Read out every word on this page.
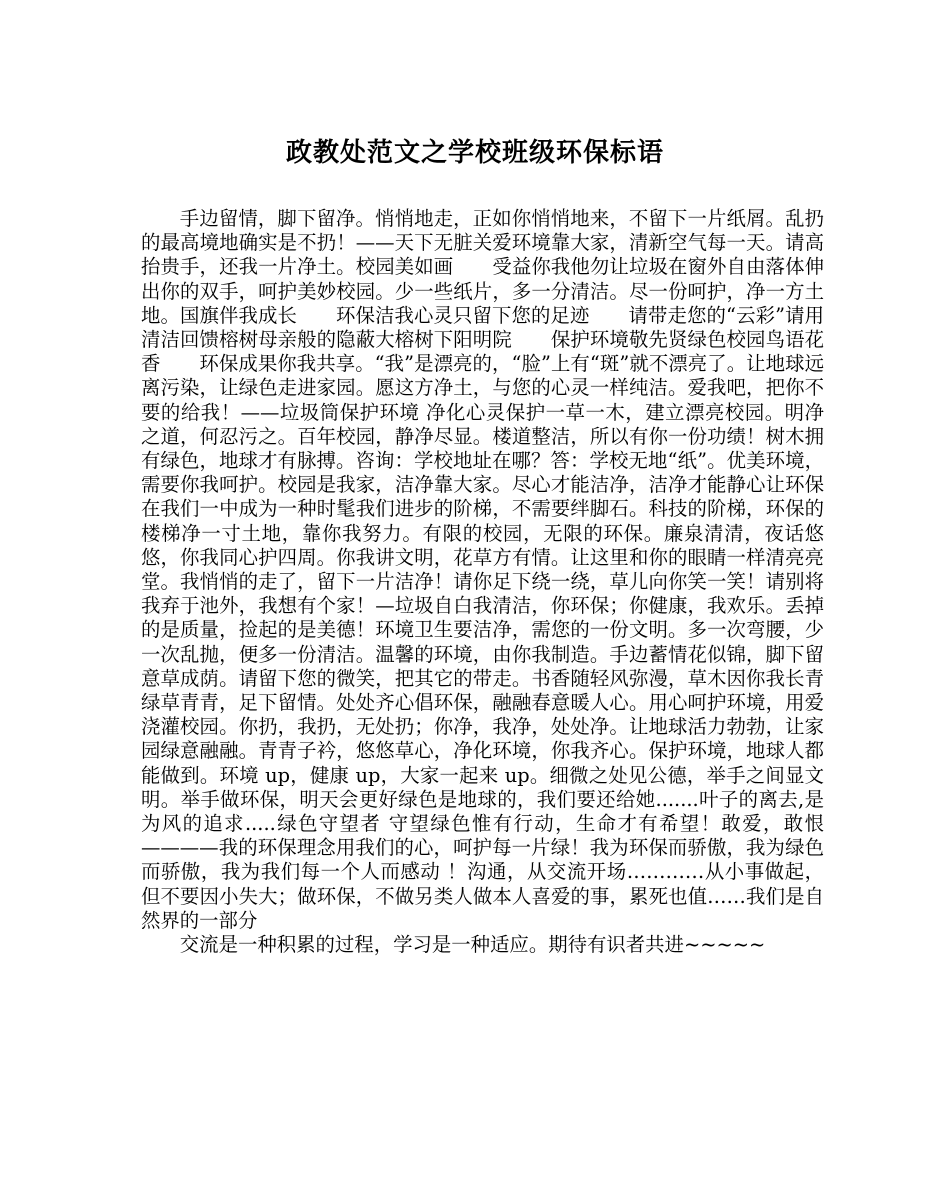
政教处范文之学校班级环保标语

手边留情，脚下留净。悄悄地走，正如你悄悄地来，不留下一片纸屑。乱扔的最高境地确实是不扔！——天下无脏关爱环境靠大家，清新空气每一天。请高抬贵手，还我一片净土。校园美如画　　受益你我他勿让垃圾在窗外自由落体伸出你的双手，呵护美妙校园。少一些纸片，多一分清洁。尽一份呵护，净一方土地。国旗伴我成长　　环保洁我心灵只留下您的足迹　　请带走您的“云彩”请用清洁回馈榕树母亲般的隐蔽大榕树下阳明院　　保护环境敬先贤绿色校园鸟语花香　　环保成果你我共享。“我”是漂亮的，“脸”上有“斑”就不漂亮了。让地球远离污染，让绿色走进家园。愿这方净土，与您的心灵一样纯洁。爱我吧，把你不要的给我！——垃圾筒保护环境 净化心灵保护一草一木，建立漂亮校园。明净之道，何忍污之。百年校园，静净尽显。楼道整洁，所以有你一份功绩！树木拥有绿色，地球才有脉搏。咨询：学校地址在哪？答：学校无地“纸”。优美环境，需要你我呵护。校园是我家，洁净靠大家。尽心才能洁净，洁净才能静心让环保在我们一中成为一种时髦我们进步的阶梯，不需要绊脚石。科技的阶梯，环保的楼梯净一寸土地，靠你我努力。有限的校园，无限的环保。廉泉清清，夜话悠悠，你我同心护四周。你我讲文明，花草方有情。让这里和你的眼睛一样清亮亮堂。我悄悄的走了，留下一片洁净！请你足下绕一绕，草儿向你笑一笑！请别将我弃于池外，我想有个家！—垃圾自白我清洁，你环保；你健康，我欢乐。丢掉的是质量，捡起的是美德！环境卫生要洁净，需您的一份文明。多一次弯腰，少一次乱抛，便多一份清洁。温馨的环境，由你我制造。手边蓄情花似锦，脚下留意草成荫。请留下您的微笑，把其它的带走。书香随轻风弥漫，草木因你我长青绿草青青，足下留情。处处齐心倡环保，融融春意暖人心。用心呵护环境，用爱浇灌校园。你扔，我扔，无处扔；你净，我净，处处净。让地球活力勃勃，让家园绿意融融。青青子衿，悠悠草心，净化环境，你我齐心。保护环境，地球人都能做到。环境 up，健康 up，大家一起来 up。细微之处见公德，举手之间显文明。举手做环保，明天会更好绿色是地球的，我们要还给她.......叶子的离去,是为风的追求.....绿色守望者 守望绿色惟有行动，生命才有希望！敢爱，敢恨————我的环保理念用我们的心，呵护每一片绿！我为环保而骄傲，我为绿色而骄傲，我为我们每一个人而感动 ！沟通，从交流开场…………从小事做起，但不要因小失大；做环保，不做另类人做本人喜爱的事，累死也值……我们是自然界的一部分

交流是一种积累的过程，学习是一种适应。期待有识者共进~~~~~
